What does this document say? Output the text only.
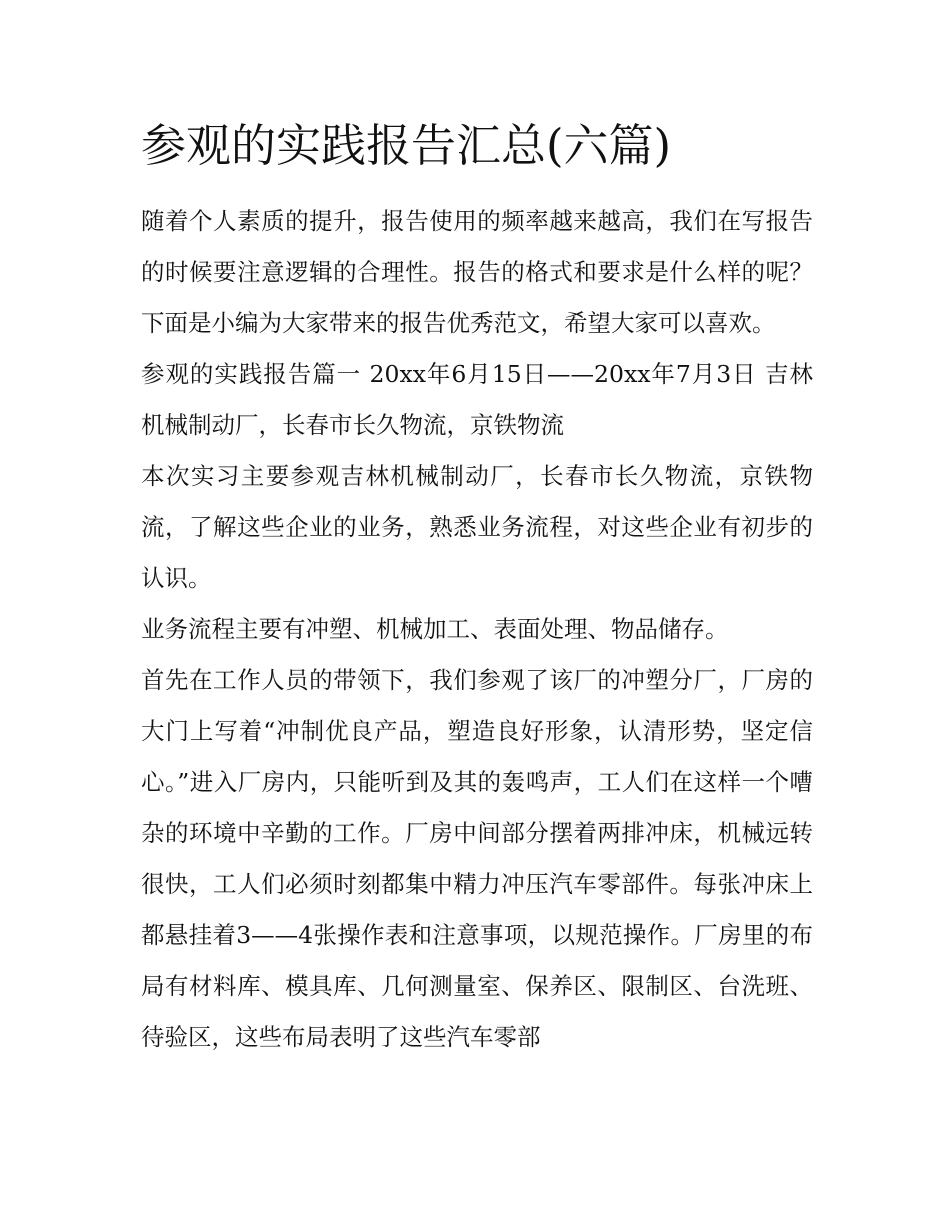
参观的实践报告汇总(六篇)

随着个人素质的提升，报告使用的频率越来越高，我们在写报告的时候要注意逻辑的合理性。报告的格式和要求是什么样的呢？下面是小编为大家带来的报告优秀范文，希望大家可以喜欢。

参观的实践报告篇一 20xx年6月15日——20xx年7月3日 吉林机械制动厂，长春市长久物流，京铁物流

本次实习主要参观吉林机械制动厂，长春市长久物流，京铁物流，了解这些企业的业务，熟悉业务流程，对这些企业有初步的认识。

业务流程主要有冲塑、机械加工、表面处理、物品储存。

首先在工作人员的带领下，我们参观了该厂的冲塑分厂，厂房的大门上写着“冲制优良产品，塑造良好形象，认清形势，坚定信心。”进入厂房内，只能听到及其的轰鸣声，工人们在这样一个嘈杂的环境中辛勤的工作。厂房中间部分摆着两排冲床，机械远转很快，工人们必须时刻都集中精力冲压汽车零部件。每张冲床上都悬挂着3——4张操作表和注意事项，以规范操作。厂房里的布局有材料库、模具库、几何测量室、保养区、限制区、台洗班、待验区，这些布局表明了这些汽车零部
